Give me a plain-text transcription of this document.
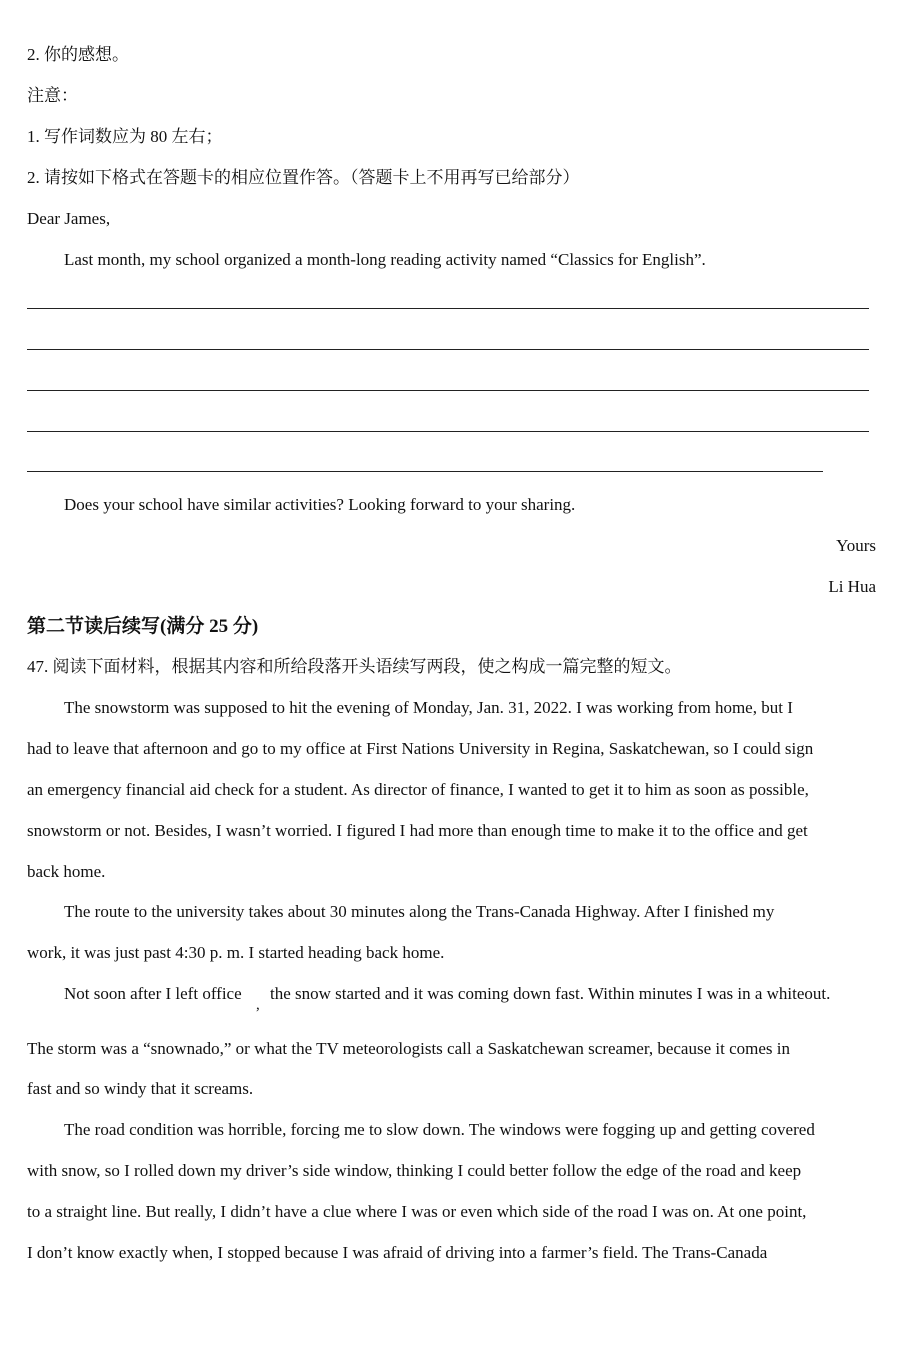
2. 你的感想。
注意：
1. 写作词数应为 80 左右；
2. 请按如下格式在答题卡的相应位置作答。（答题卡上不用再写已给部分）
Dear James,
Last month, my school organized a month-long reading activity named “Classics for English”.
Does your school have similar activities? Looking forward to your sharing.
Yours
Li Hua
第二节读后续写(满分 25 分)
47. 阅读下面材料，根据其内容和所给段落开头语续写两段，使之构成一篇完整的短文。
The snowstorm was supposed to hit the evening of Monday, Jan. 31, 2022. I was working from home, but I
had to leave that afternoon and go to my office at First Nations University in Regina, Saskatchewan, so I could sign
an emergency financial aid check for a student. As director of finance, I wanted to get it to him as soon as possible,
snowstorm or not. Besides, I wasn’t worried. I figured I had more than enough time to make it to the office and get
back home.
The route to the university takes about 30 minutes along the Trans-Canada Highway. After I finished my
work, it was just past 4:30 p. m. I started heading back home.
Not soon after I left office
,
the snow started and it was coming down fast. Within minutes I was in a whiteout.
The storm was a “snownado,” or what the TV meteorologists call a Saskatchewan screamer, because it comes in
fast and so windy that it screams.
The road condition was horrible, forcing me to slow down. The windows were fogging up and getting covered
with snow, so I rolled down my driver’s side window, thinking I could better follow the edge of the road and keep
to a straight line. But really, I didn’t have a clue where I was or even which side of the road I was on. At one point,
I don’t know exactly when, I stopped because I was afraid of driving into a farmer’s field. The Trans-Canada
